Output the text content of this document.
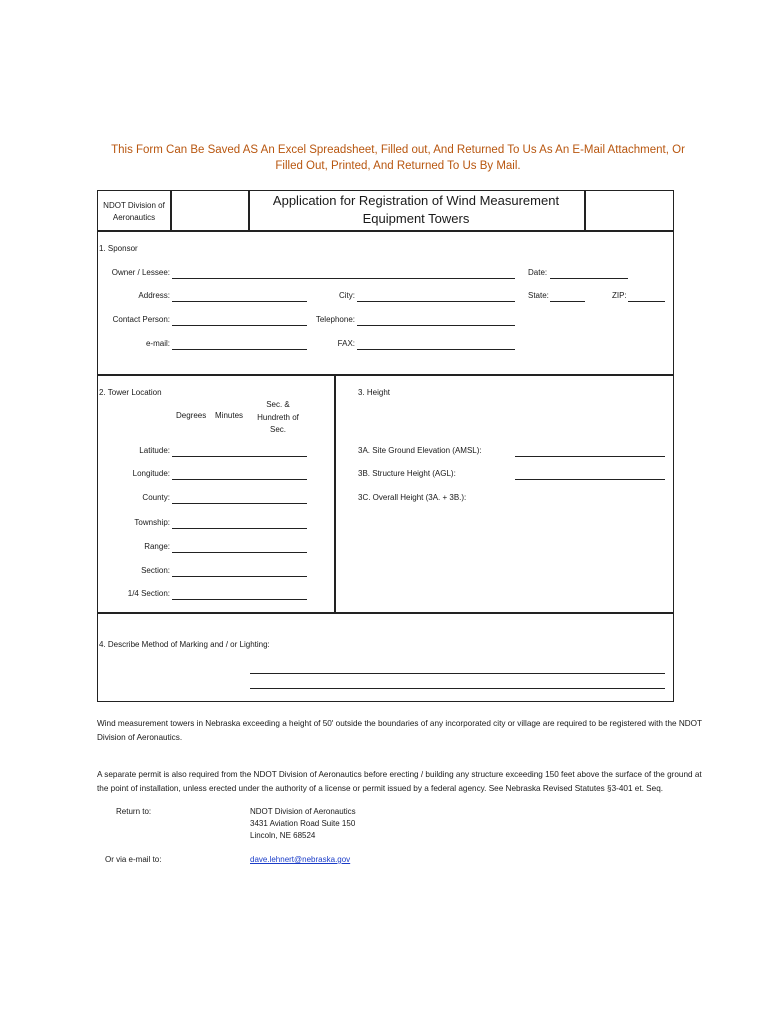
This Form Can Be Saved AS An Excel Spreadsheet, Filled out, And Returned To Us As An E-Mail Attachment, Or Filled Out, Printed, And Returned To Us By Mail.
NDOT Division of Aeronautics
Application for Registration of Wind Measurement Equipment Towers
1. Sponsor
Owner / Lessee:	Date:
Address:	City:	State:	ZIP:
Contact Person:	Telephone:
e-mail:	FAX:
2. Tower Location
Degrees Minutes
Sec. & Hundreth of Sec.
Latitude:
Longitude:
County:
Township:
Range:
Section:
1/4 Section:
3. Height
3A. Site Ground Elevation (AMSL):
3B. Structure Height (AGL):
3C. Overall Height (3A. + 3B.):
4. Describe Method of Marking and / or Lighting:
Wind measurement towers in Nebraska exceeding a height of 50' outside the boundaries of any incorporated city or village are required to be registered with the NDOT Division of Aeronautics.
A separate permit is also required from the NDOT Division of Aeronautics before erecting / building any structure exceeding 150 feet above the surface of the ground at the point of installation, unless erected under the authority of a license or permit issued by a federal agency. See Nebraska Revised Statutes §3-401 et. Seq.
Return to:	NDOT Division of Aeronautics
3431 Aviation Road Suite 150
Lincoln, NE 68524
Or via e-mail to:	dave.lehnert@nebraska.gov
